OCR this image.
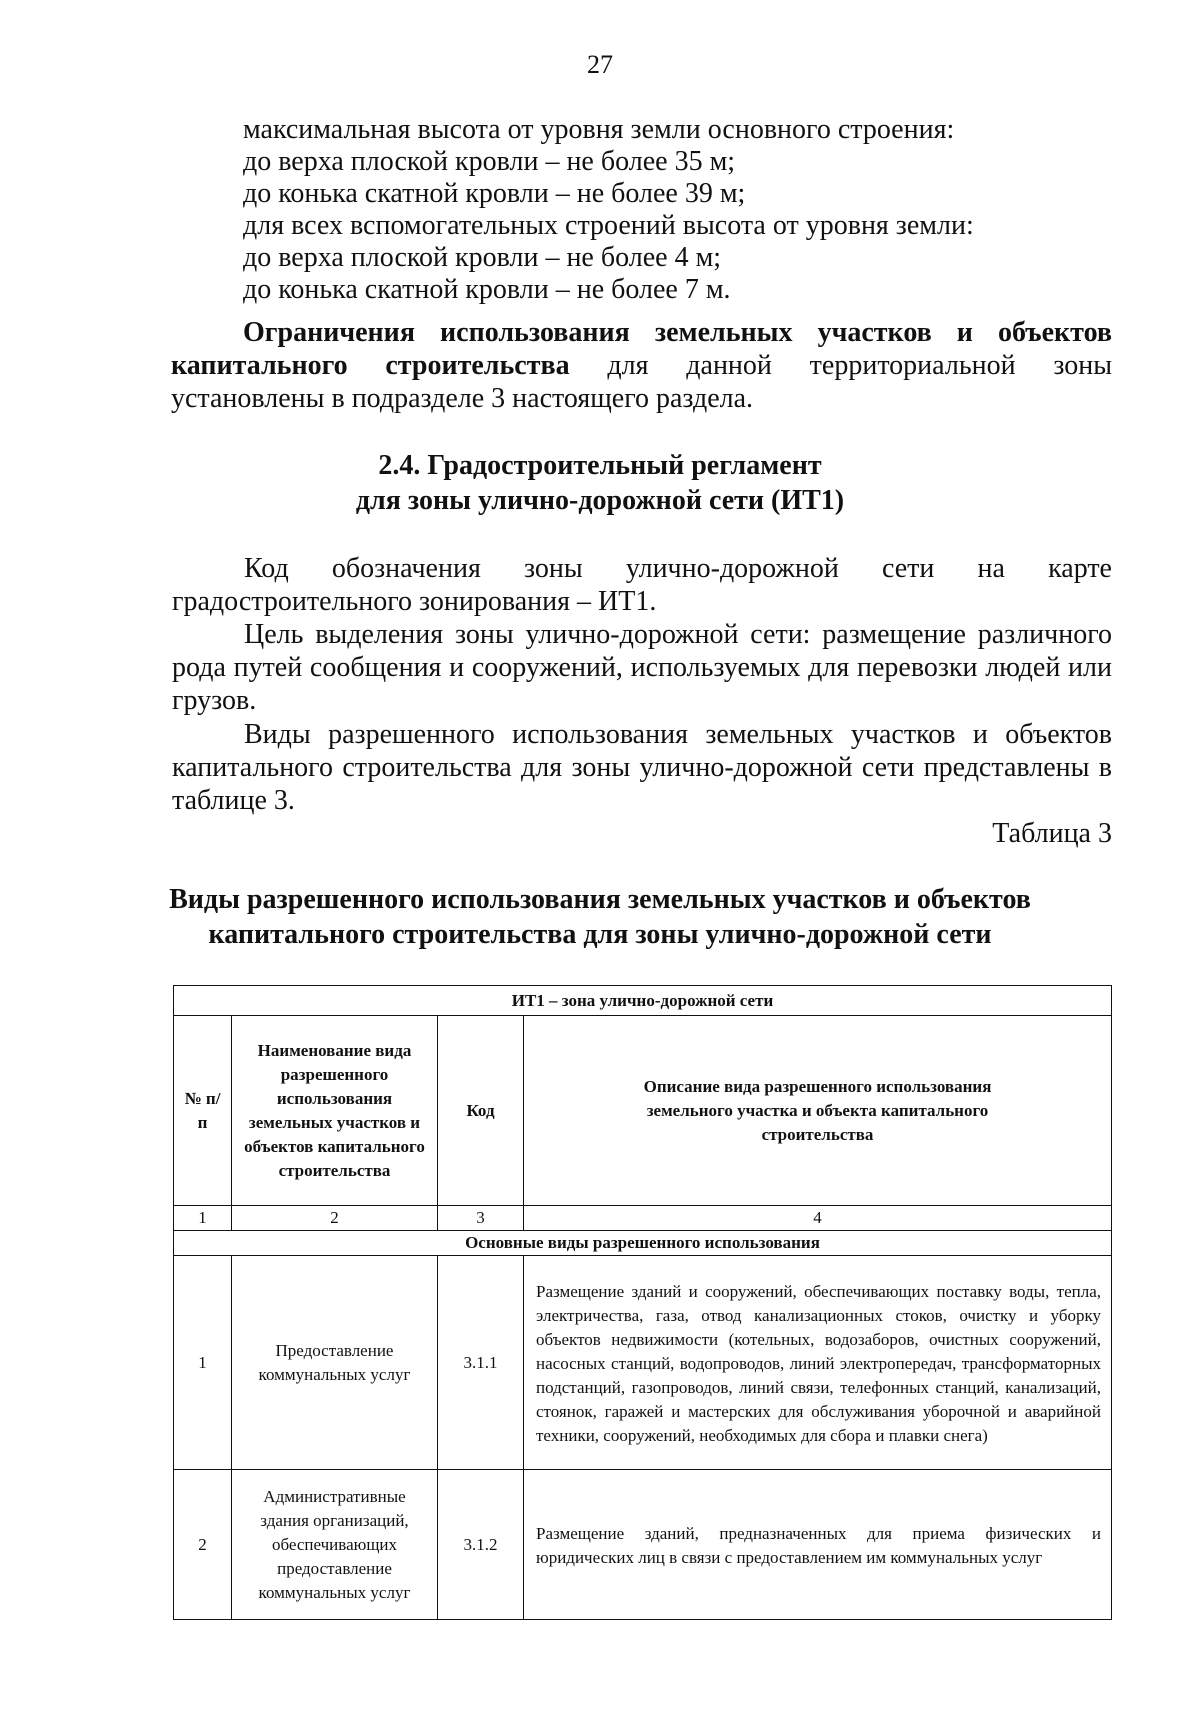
27
максимальная высота от уровня земли основного строения:
до верха плоской кровли – не более 35 м;
до конька скатной кровли – не более 39 м;
для всех вспомогательных строений высота от уровня земли:
до верха плоской кровли – не более 4 м;
до конька скатной кровли – не более 7 м.
Ограничения использования земельных участков и объектов капитального строительства для данной территориальной зоны установлены в подразделе 3 настоящего раздела.
2.4. Градостроительный регламент
для зоны улично-дорожной сети (ИТ1)
Код обозначения зоны улично-дорожной сети на карте градостроительного зонирования – ИТ1.
Цель выделения зоны улично-дорожной сети: размещение различного рода путей сообщения и сооружений, используемых для перевозки людей или грузов.
Виды разрешенного использования земельных участков и объектов капитального строительства для зоны улично-дорожной сети представлены в таблице 3.
Таблица 3
Виды разрешенного использования земельных участков и объектов
капитального строительства для зоны улично-дорожной сети
ИТ1 – зона улично-дорожной сети			
№ п/п	Наименование вида разрешенного использования земельных участков и объектов капитального строительства	Код	Описание вида разрешенного использования земельного участка и объекта капитального строительства
1	2	3	4
Основные виды разрешенного использования			
1	Предоставление коммунальных услуг	3.1.1	Размещение зданий и сооружений, обеспечивающих поставку воды, тепла, электричества, газа, отвод канализационных стоков, очистку и уборку объектов недвижимости (котельных, водозаборов, очистных сооружений, насосных станций, водопроводов, линий электропередач, трансформаторных подстанций, газопроводов, линий связи, телефонных станций, канализаций, стоянок, гаражей и мастерских для обслуживания уборочной и аварийной техники, сооружений, необходимых для сбора и плавки снега)
2	Административные здания организаций, обеспечивающих предоставление коммунальных услуг	3.1.2	Размещение зданий, предназначенных для приема физических и юридических лиц в связи с предоставлением им коммунальных услуг
